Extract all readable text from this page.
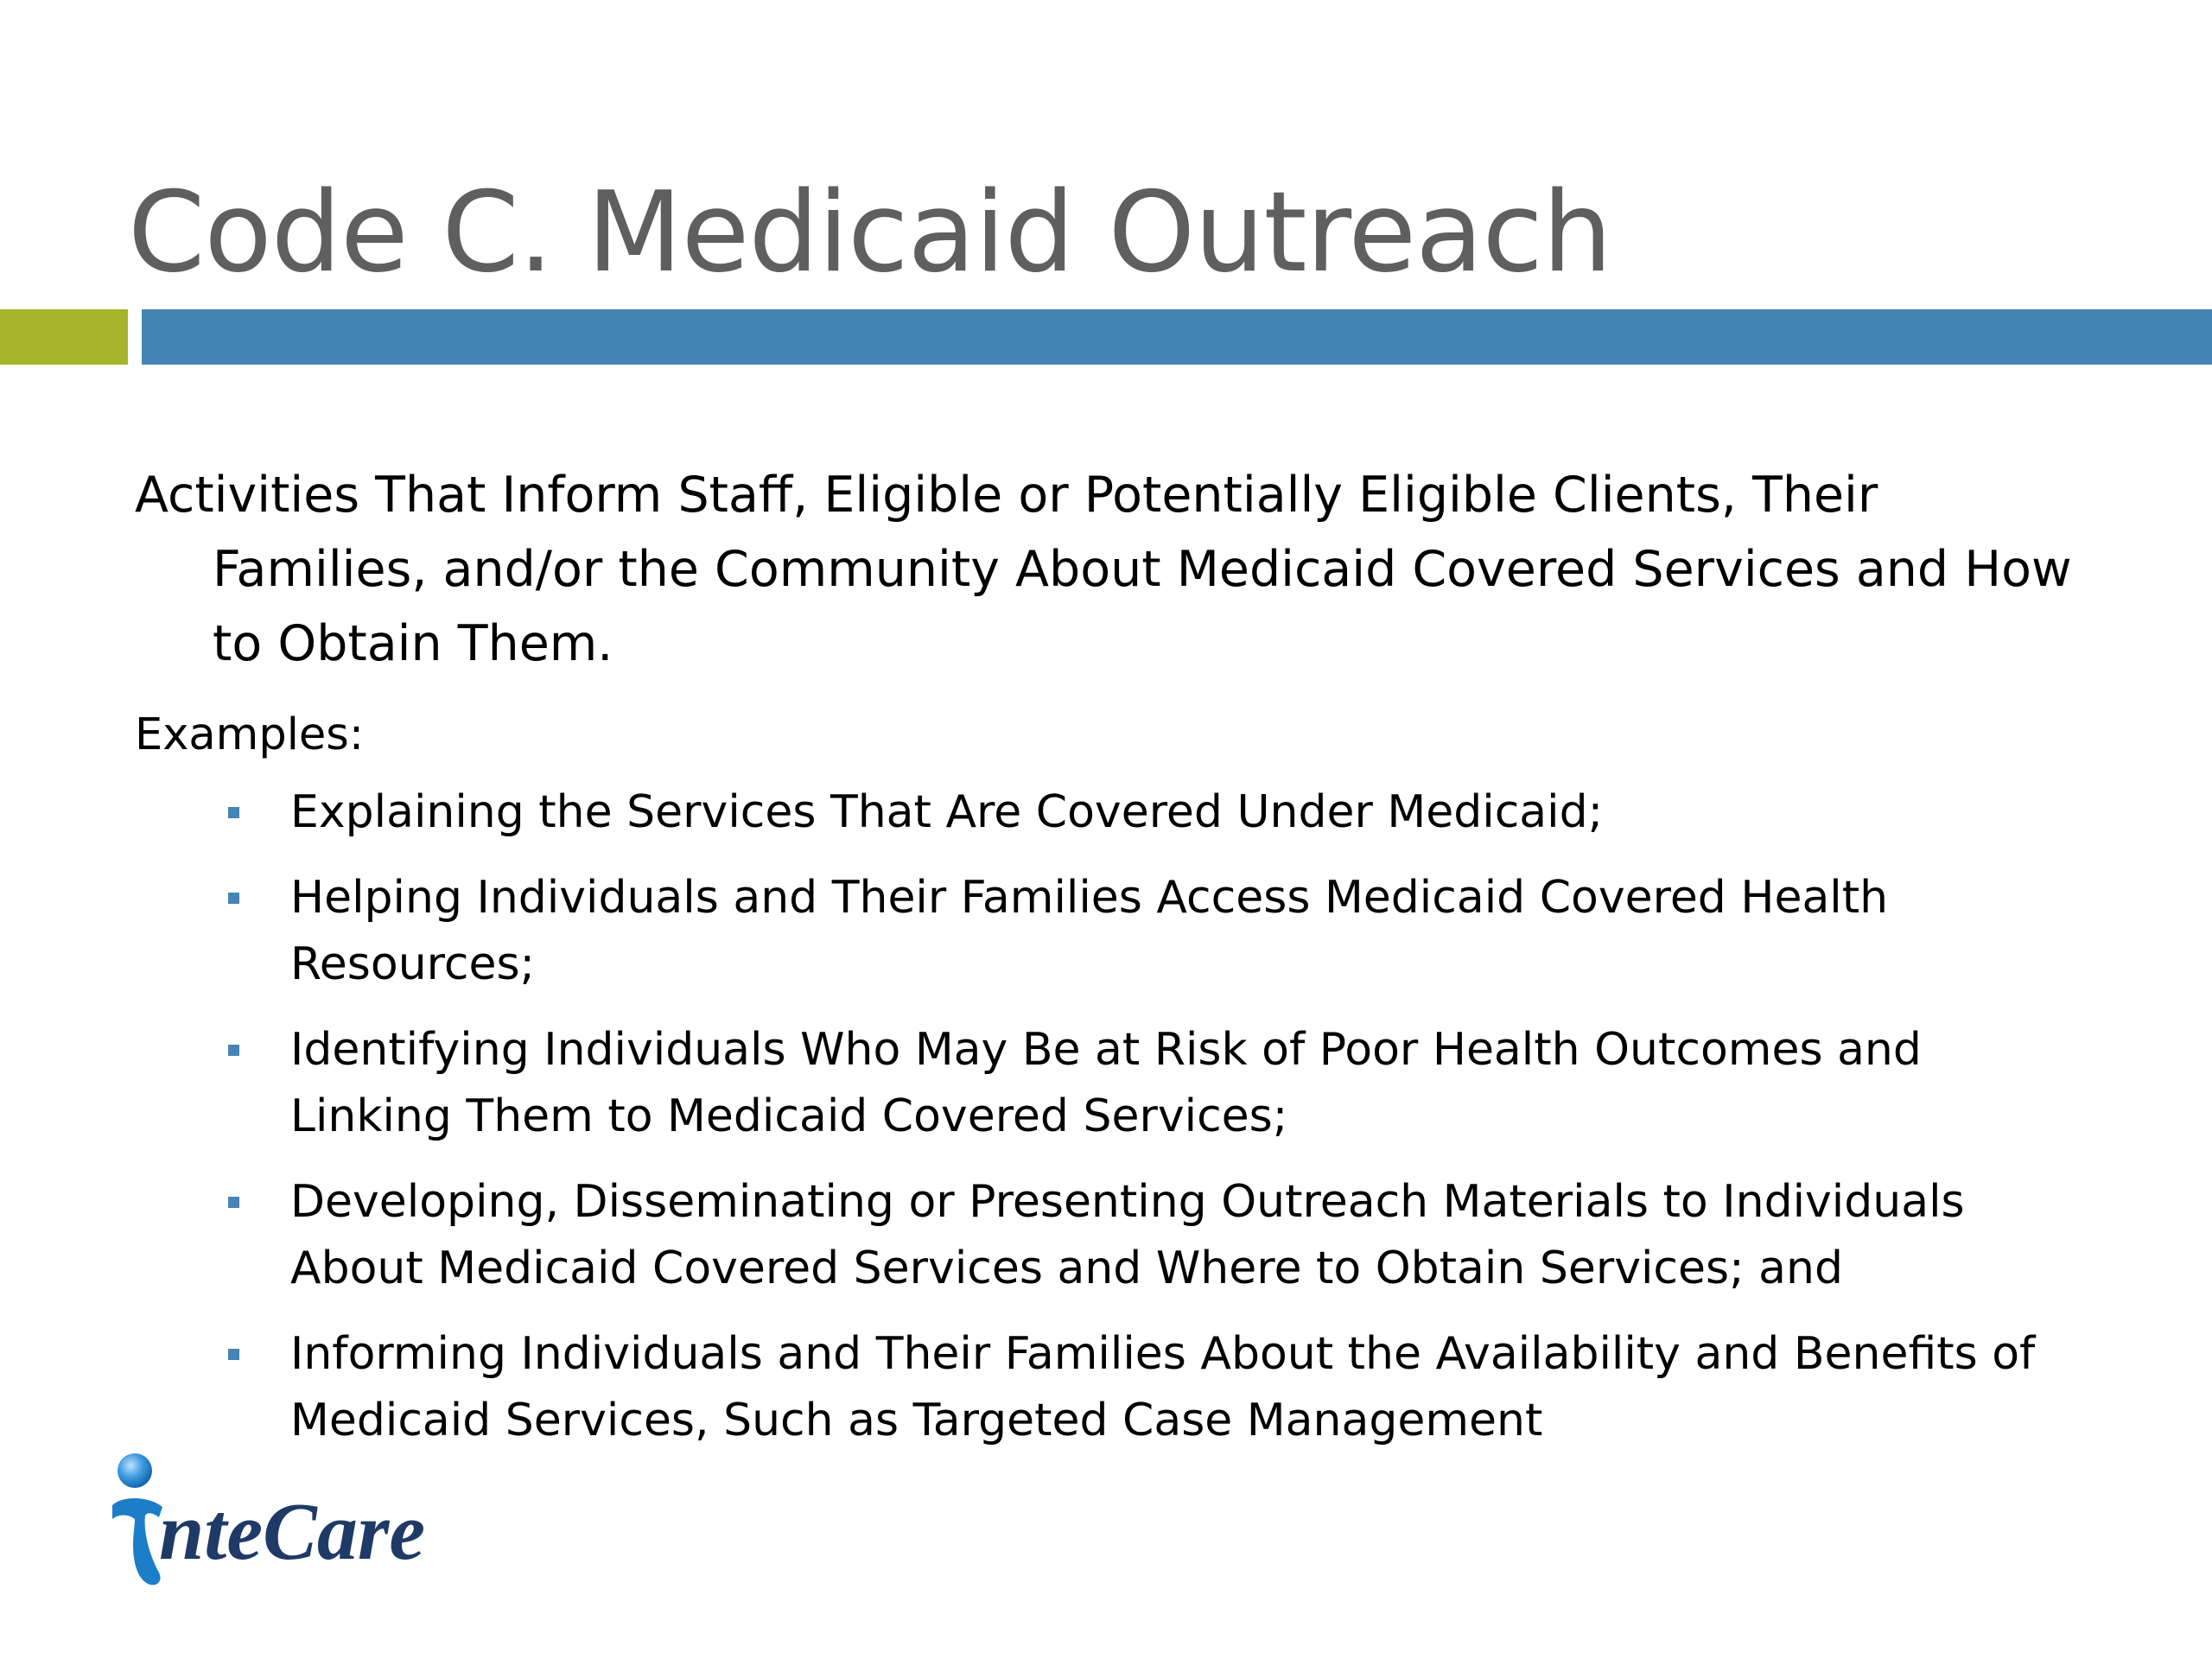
Code C. Medicaid Outreach

Activities That Inform Staff, Eligible or Potentially Eligible Clients, Their Families, and/or the Community About Medicaid Covered Services and How to Obtain Them.

Examples:

Explaining the Services That Are Covered Under Medicaid;
Helping Individuals and Their Families Access Medicaid Covered Health Resources;
Identifying Individuals Who May Be at Risk of Poor Health Outcomes and Linking Them to Medicaid Covered Services;
Developing, Disseminating or Presenting Outreach Materials to Individuals About Medicaid Covered Services and Where to Obtain Services; and
Informing Individuals and Their Families About the Availability and Benefits of Medicaid Services, Such as Targeted Case Management
nteCare
